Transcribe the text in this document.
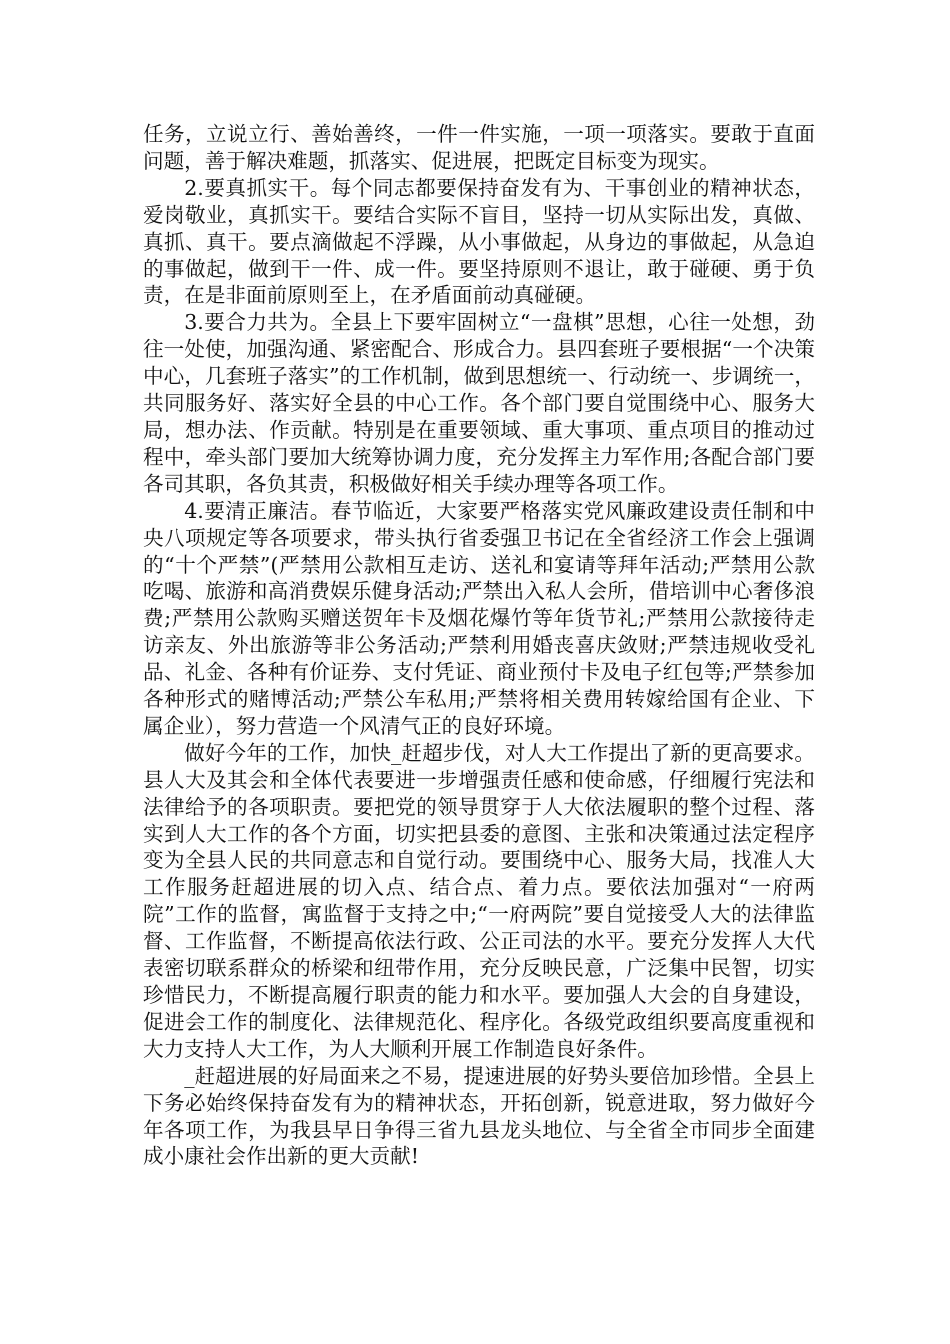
任务，立说立行、善始善终，一件一件实施，一项一项落实。要敢于直面问题，善于解决难题，抓落实、促进展，把既定目标变为现实。

2.要真抓实干。每个同志都要保持奋发有为、干事创业的精神状态，爱岗敬业，真抓实干。要结合实际不盲目，坚持一切从实际出发，真做、真抓、真干。要点滴做起不浮躁，从小事做起，从身边的事做起，从急迫的事做起，做到干一件、成一件。要坚持原则不退让，敢于碰硬、勇于负责，在是非面前原则至上，在矛盾面前动真碰硬。

3.要合力共为。全县上下要牢固树立“一盘棋”思想，心往一处想，劲往一处使，加强沟通、紧密配合、形成合力。县四套班子要根据“一个决策中心，几套班子落实”的工作机制，做到思想统一、行动统一、步调统一，共同服务好、落实好全县的中心工作。各个部门要自觉围绕中心、服务大局，想办法、作贡献。特别是在重要领域、重大事项、重点项目的推动过程中，牵头部门要加大统筹协调力度，充分发挥主力军作用;各配合部门要各司其职，各负其责，积极做好相关手续办理等各项工作。

4.要清正廉洁。春节临近，大家要严格落实党风廉政建设责任制和中央八项规定等各项要求，带头执行省委强卫书记在全省经济工作会上强调的“十个严禁”(严禁用公款相互走访、送礼和宴请等拜年活动;严禁用公款吃喝、旅游和高消费娱乐健身活动;严禁出入私人会所，借培训中心奢侈浪费;严禁用公款购买赠送贺年卡及烟花爆竹等年货节礼;严禁用公款接待走访亲友、外出旅游等非公务活动;严禁利用婚丧喜庆敛财;严禁违规收受礼品、礼金、各种有价证券、支付凭证、商业预付卡及电子红包等;严禁参加各种形式的赌博活动;严禁公车私用;严禁将相关费用转嫁给国有企业、下属企业），努力营造一个风清气正的良好环境。

做好今年的工作，加快_赶超步伐，对人大工作提出了新的更高要求。县人大及其会和全体代表要进一步增强责任感和使命感，仔细履行宪法和法律给予的各项职责。要把党的领导贯穿于人大依法履职的整个过程、落实到人大工作的各个方面，切实把县委的意图、主张和决策通过法定程序变为全县人民的共同意志和自觉行动。要围绕中心、服务大局，找准人大工作服务赶超进展的切入点、结合点、着力点。要依法加强对“一府两院”工作的监督，寓监督于支持之中;“一府两院”要自觉接受人大的法律监督、工作监督，不断提高依法行政、公正司法的水平。要充分发挥人大代表密切联系群众的桥梁和纽带作用，充分反映民意，广泛集中民智，切实珍惜民力，不断提高履行职责的能力和水平。要加强人大会的自身建设，促进会工作的制度化、法律规范化、程序化。各级党政组织要高度重视和大力支持人大工作，为人大顺利开展工作制造良好条件。

_赶超进展的好局面来之不易，提速进展的好势头要倍加珍惜。全县上下务必始终保持奋发有为的精神状态，开拓创新，锐意进取，努力做好今年各项工作，为我县早日争得三省九县龙头地位、与全省全市同步全面建成小康社会作出新的更大贡献!
